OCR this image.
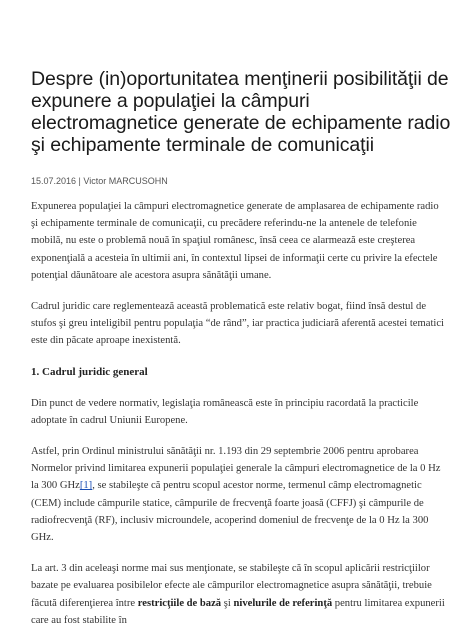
Despre (in)oportunitatea menţinerii posibilităţii de expunere a populaţiei la câmpuri electromagnetice generate de echipamente radio şi echipamente terminale de comunicaţii
15.07.2016 | Victor MARCUSOHN

Expunerea populaţiei la câmpuri electromagnetice generate de amplasarea de echipamente radio şi echipamente terminale de comunicaţii, cu precădere referindu-ne la antenele de telefonie mobilă, nu este o problemă nouă în spaţiul românesc, însă ceea ce alarmează este creşterea exponenţială a acesteia în ultimii ani, în contextul lipsei de informaţii certe cu privire la efectele potenţial dăunătoare ale acestora asupra sănătăţii umane.

Cadrul juridic care reglementează această problematică este relativ bogat, fiind însă destul de stufos şi greu inteligibil pentru populaţia “de rând”, iar practica judiciară aferentă acestei tematici este din păcate aproape inexistentă.

1. Cadrul juridic general

Din punct de vedere normativ, legislaţia românească este în principiu racordată la practicile adoptate în cadrul Uniunii Europene.

Astfel, prin Ordinul ministrului sănătăţii nr. 1.193 din 29 septembrie 2006 pentru aprobarea Normelor privind limitarea expunerii populaţiei generale la câmpuri electromagnetice de la 0 Hz la 300 GHz[1], se stabileşte că pentru scopul acestor norme, termenul câmp electromagnetic (CEM) include câmpurile statice, câmpurile de frecvenţă foarte joasă (CFFJ) şi câmpurile de radiofrecvenţă (RF), inclusiv microundele, acoperind domeniul de frecvenţe de la 0 Hz la 300 GHz.

La art. 3 din aceleaşi norme mai sus menţionate, se stabileşte că în scopul aplicării restricţiilor bazate pe evaluarea posibilelor efecte ale câmpurilor electromagnetice asupra sănătăţii, trebuie făcută diferenţierea între restricţiile de bază şi nivelurile de referinţă pentru limitarea expunerii care au fost stabilite în
